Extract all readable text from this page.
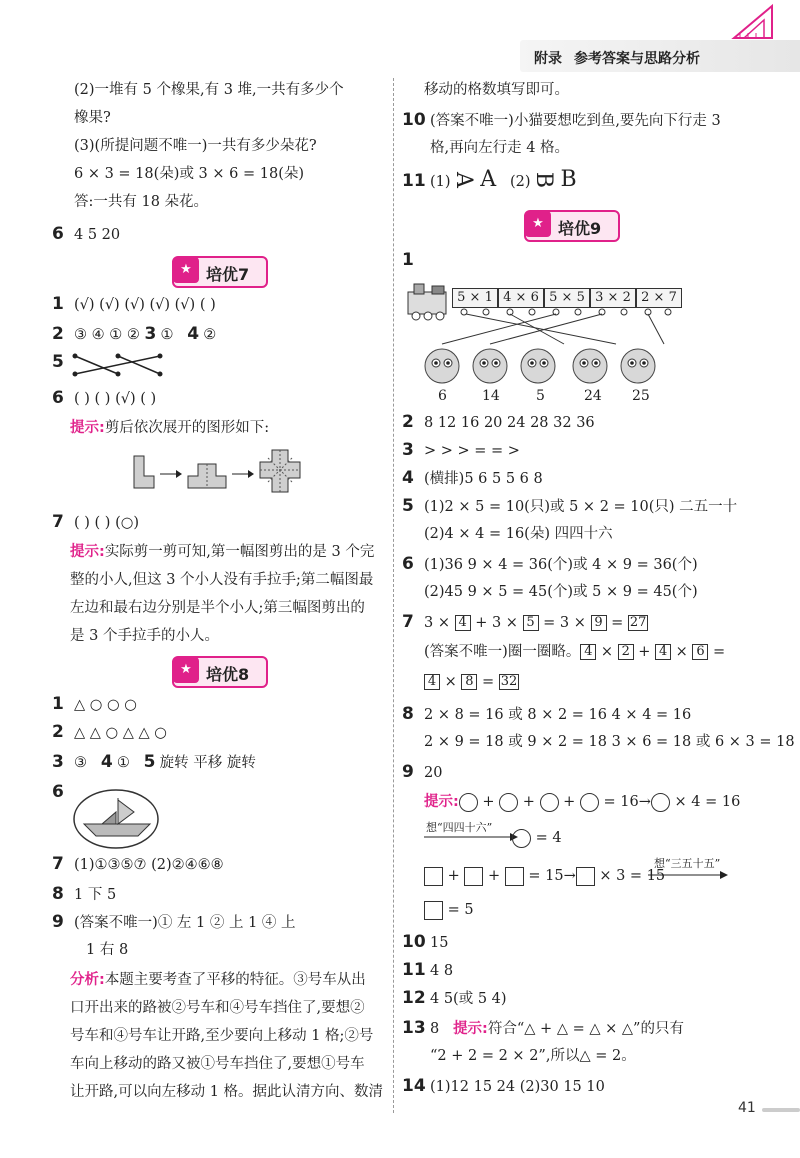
附录 参考答案与思路分析
(2)一堆有 5 个橡果,有 3 堆,一共有多少个
橡果?
(3)(所提问题不唯一)一共有多少朵花?
6 × 3 = 18(朵)或 3 × 6 = 18(朵)
答:一共有 18 朵花。
6 4 5 20
★ 培优7
1 (√) (√) (√) (√) (√) ( )
2 ③ ④ ① ② 3 ① 4 ②
5
6 ( ) ( ) (√) ( )
提示:剪后依次展开的图形如下:
7 ( ) ( ) (○)
提示:实际剪一剪可知,第一幅图剪出的是 3 个完
整的小人,但这 3 个小人没有手拉手;第二幅图最
左边和最右边分别是半个小人;第三幅图剪出的
是 3 个手拉手的小人。
★ 培优8
1 △ ○ ○ ○
2 △ △ ○ △ △ ○
3 ③ 4 ① 5 旋转 平移 旋转
6
7 (1)①③⑤⑦ (2)②④⑥⑧
8 1 下 5
9 (答案不唯一)① 左 1 ② 上 1 ④ 上
1 右 8
分析:本题主要考查了平移的特征。③号车从出
口开出来的路被②号车和④号车挡住了,要想②
号车和④号车让开路,至少要向上移动 1 格;②号
车向上移动的路又被①号车挡住了,要想①号车
让开路,可以向左移动 1 格。据此认清方向、数清
移动的格数填写即可。
10 (答案不唯一)小猫要想吃到鱼,要先向下行走 3
格,再向左行走 4 格。
11 (1) A A (2) B B
★ 培优9
1
5 × 1 4 × 6 5 × 5 3 × 2 2 × 7
6	14	5	24 25
2 8 12 16 20 24 28 32 36
3 > > > = = >
4 (横排)5 6 5 5 6 8
5 (1)2 × 5 = 10(只)或 5 × 2 = 10(只) 二五一十
(2)4 × 4 = 16(朵) 四四十六
6 (1)36 9 × 4 = 36(个)或 4 × 9 = 36(个)
(2)45 9 × 5 = 45(个)或 5 × 9 = 45(个)
7 3 × 4 + 3 × 5 = 3 × 9 = 27
(答案不唯一)圈一圈略。 4 × 2 + 4 × 6 =
4 × 8 = 32
8 2 × 8 = 16 或 8 × 2 = 16 4 × 4 = 16
2 × 9 = 18 或 9 × 2 = 18 3 × 6 = 18 或 6 × 3 = 18
9 20
提示: +  +  +  = 16→ × 4 = 16
想“四四十六”
= 4
+  +  = 15→ × 3 = 15
想“三五十五”
= 5
10 15
11 4 8
12 4 5(或 5 4)
13 8 提示:符合“△ + △ = △ × △”的只有
“2 + 2 = 2 × 2”,所以△ = 2。
14 (1)12 15 24 (2)30 15 10
41
